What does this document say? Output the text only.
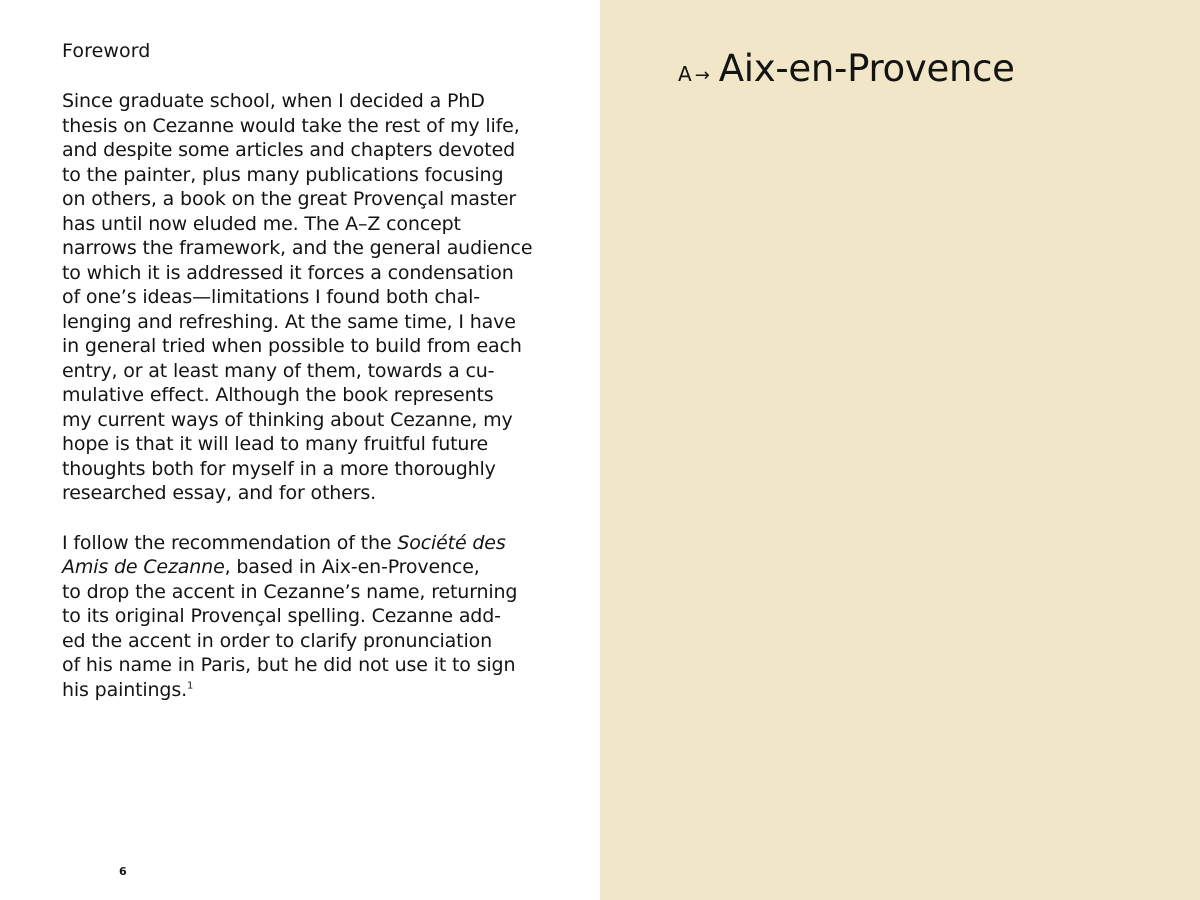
Foreword

Since graduate school, when I decided a PhD
thesis on Cezanne would take the rest of my life,
and despite some articles and chapters devoted
to the painter, plus many publications focusing
on others, a book on the great Provençal master
has until now eluded me. The A–Z concept
narrows the framework, and the general audience
to which it is addressed it forces a condensation
of one’s ideas—limitations I found both chal-
lenging and refreshing. At the same time, I have
in general tried when possible to build from each
entry, or at least many of them, towards a cu-
mulative effect. Although the book represents
my current ways of thinking about Cezanne, my
hope is that it will lead to many fruitful future
thoughts both for myself in a more thoroughly
researched essay, and for others.

I follow the recommendation of the Société des
Amis de Cezanne, based in Aix-en-Provence,
to drop the accent in Cezanne’s name, returning
to its original Provençal spelling. Cezanne add-
ed the accent in order to clarify pronunciation
of his name in Paris, but he did not use it to sign
his paintings.$^1$

6
A → Aix-en-Provence
